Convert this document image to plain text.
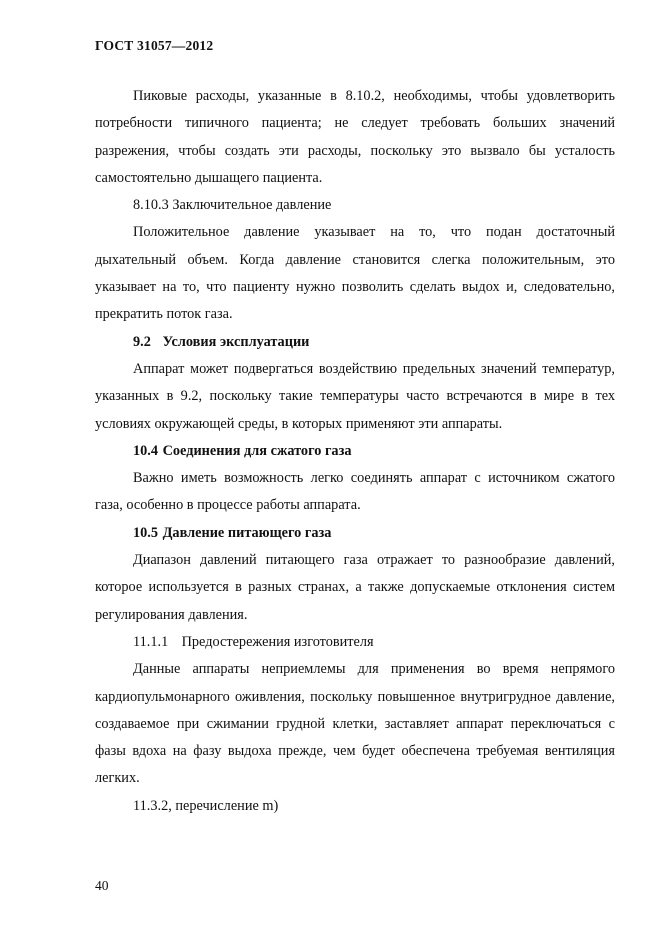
ГОСТ 31057—2012

Пиковые расходы, указанные в 8.10.2, необходимы, чтобы удовлетворить потребности типичного пациента; не следует требовать больших значений разрежения, чтобы создать эти расходы, поскольку это вызвало бы усталость самостоятельно дышащего пациента.

8.10.3 Заключительное давление

Положительное давление указывает на то, что подан достаточный дыхательный объем. Когда давление становится слегка положительным, это указывает на то, что пациенту нужно позволить сделать выдох и, следовательно, прекратить поток газа.

9.2 Условия эксплуатации

Аппарат может подвергаться воздействию предельных значений температур, указанных в 9.2, поскольку такие температуры часто встречаются в мире в тех условиях окружающей среды, в которых применяют эти аппараты.

10.4 Соединения для сжатого газа

Важно иметь возможность легко соединять аппарат с источником сжатого газа, особенно в процессе работы аппарата.

10.5 Давление питающего газа

Диапазон давлений питающего газа отражает то разнообразие давлений, которое используется в разных странах, а также допускаемые отклонения систем регулирования давления.

11.1.1 Предостережения изготовителя

Данные аппараты неприемлемы для применения во время непрямого кардиопульмонарного оживления, поскольку повышенное внутригрудное давление, создаваемое при сжимании грудной клетки, заставляет аппарат переключаться с фазы вдоха на фазу выдоха прежде, чем будет обеспечена требуемая вентиляция легких.

11.3.2, перечисление m)
40
